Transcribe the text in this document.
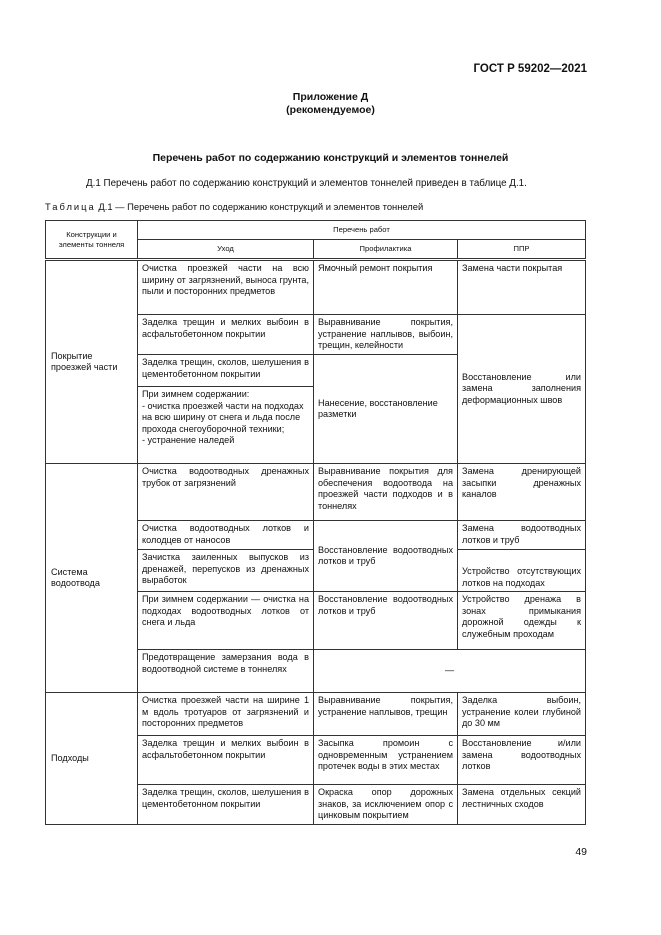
ГОСТ Р 59202—2021
Приложение Д
(рекомендуемое)
Перечень работ по содержанию конструкций и элементов тоннелей
Д.1 Перечень работ по содержанию конструкций и элементов тоннелей приведен в таблице Д.1.
Таблица Д.1 — Перечень работ по содержанию конструкций и элементов тоннелей
Конструкции и элементы тоннеля	Перечень работ		
	Уход	Профилактика	ППР
Покрытие проезжей части	Очистка проезжей части на всю ширину от загрязнений, выноса грунта, пыли и посторонних предметов	Ямочный ремонт покрытия	Замена части покрытая
	Заделка трещин и мелких выбоин в асфальтобетонном покрытии	Выравнивание покрытия, устранение наплывов, выбоин, трещин, келейности	Восстановление или замена заполнения деформационных швов
	Заделка трещин, сколов, шелушения в цементобетонном покрытии	Нанесение, восстановление разметки	
	При зимнем содержании:
- очистка проезжей части на подходах на всю ширину от снега и льда после прохода снегоуборочной техники;
- устранение наледей		
Система водоотвода	Очистка водоотводных дренажных трубок от загрязнений	Выравнивание покрытия для обеспечения водоотвода на проезжей части подходов и в тоннелях	Замена дренирующей засыпки дренажных каналов
	Очистка водоотводных лотков и колодцев от наносов	Восстановление водоотводных лотков и труб	Замена водоотводных лотков и труб
	Зачистка заиленных выпусков из дренажей, перепусков из дренажных выработок		Устройство отсутствующих лотков на подходах
	При зимнем содержании — очистка на подходах водоотводных лотков от снега и льда	Восстановление водоотводных лотков и труб	Устройство дренажа в зонах примыкания дорожной одежды к служебным проходам
	Предотвращение замерзания вода в водоотводной системе в тоннелях	—	
Подходы	Очистка проезжей части на ширине 1 м вдоль тротуаров от загрязнений и посторонних предметов	Выравнивание покрытия, устранение наплывов, трещин	Заделка выбоин, устранение колеи глубиной до 30 мм
	Заделка трещин и мелких выбоин в асфальтобетонном покрытии	Засыпка промоин с одновременным устранением протечек воды в этих местах	Восстановление и/или замена водоотводных лотков
	Заделка трещин, сколов, шелушения в цементобетонном покрытии	Окраска опор дорожных знаков, за исключением опор с цинковым покрытием	Замена отдельных секций лестничных сходов
49
